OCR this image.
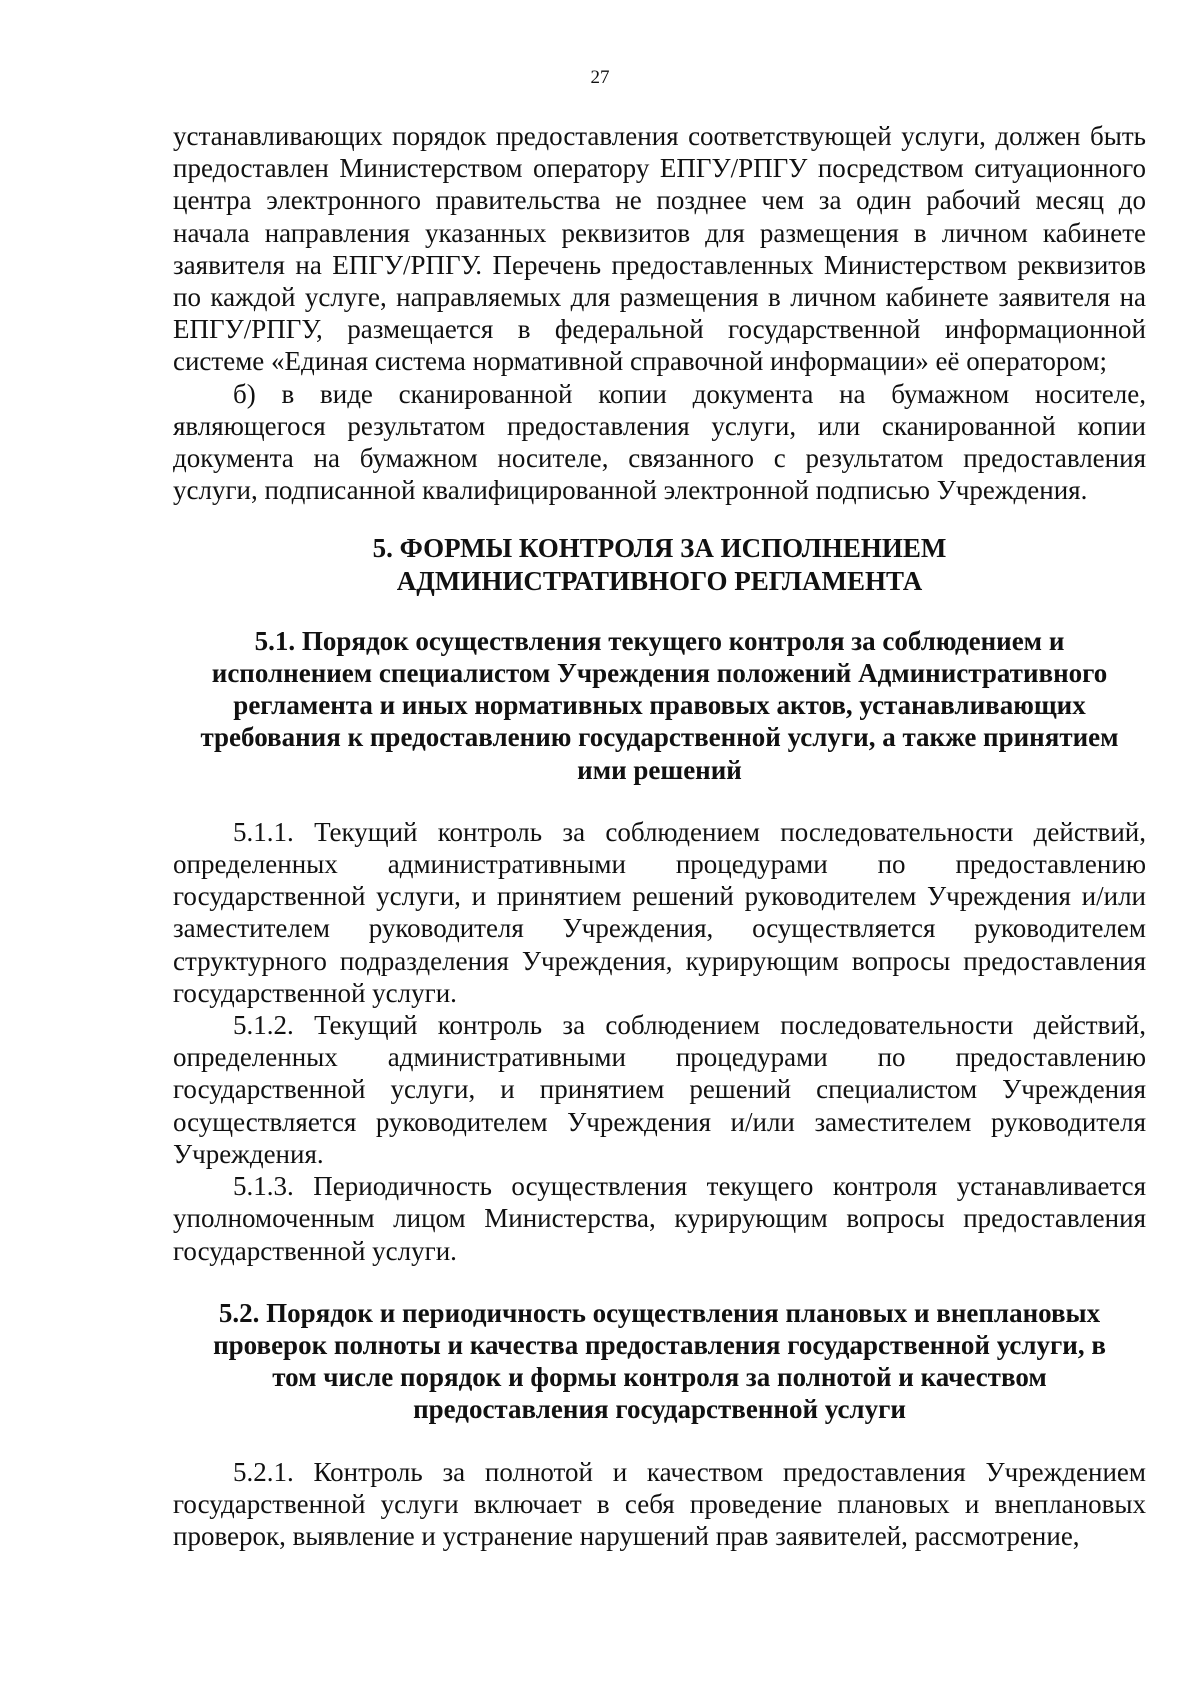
27

устанавливающих порядок предоставления соответствующей услуги, должен быть предоставлен Министерством оператору ЕПГУ/РПГУ посредством ситуационного центра электронного правительства не позднее чем за один рабочий месяц до начала направления указанных реквизитов для размещения в личном кабинете заявителя на ЕПГУ/РПГУ. Перечень предоставленных Министерством реквизитов по каждой услуге, направляемых для размещения в личном кабинете заявителя на ЕПГУ/РПГУ, размещается в федеральной государственной информационной системе «Единая система нормативной справочной информации» её оператором;

б) в виде сканированной копии документа на бумажном носителе, являющегося результатом предоставления услуги, или сканированной копии документа на бумажном носителе, связанного с результатом предоставления услуги, подписанной квалифицированной электронной подписью Учреждения.

5. ФОРМЫ КОНТРОЛЯ ЗА ИСПОЛНЕНИЕМ
АДМИНИСТРАТИВНОГО РЕГЛАМЕНТА
5.1. Порядок осуществления текущего контроля за соблюдением и
исполнением специалистом Учреждения положений Административного
регламента и иных нормативных правовых актов, устанавливающих
требования к предоставлению государственной услуги, а также принятием
ими решений

5.1.1. Текущий контроль за соблюдением последовательности действий, определенных административными процедурами по предоставлению государственной услуги, и принятием решений руководителем Учреждения и/или заместителем руководителя Учреждения, осуществляется руководителем структурного подразделения Учреждения, курирующим вопросы предоставления государственной услуги.

5.1.2. Текущий контроль за соблюдением последовательности действий, определенных административными процедурами по предоставлению государственной услуги, и принятием решений специалистом Учреждения осуществляется руководителем Учреждения и/или заместителем руководителя Учреждения.

5.1.3. Периодичность осуществления текущего контроля устанавливается уполномоченным лицом Министерства, курирующим вопросы предоставления государственной услуги.

5.2. Порядок и периодичность осуществления плановых и внеплановых
проверок полноты и качества предоставления государственной услуги, в
том числе порядок и формы контроля за полнотой и качеством
предоставления государственной услуги

5.2.1. Контроль за полнотой и качеством предоставления Учреждением государственной услуги включает в себя проведение плановых и внеплановых проверок, выявление и устранение нарушений прав заявителей, рассмотрение,
